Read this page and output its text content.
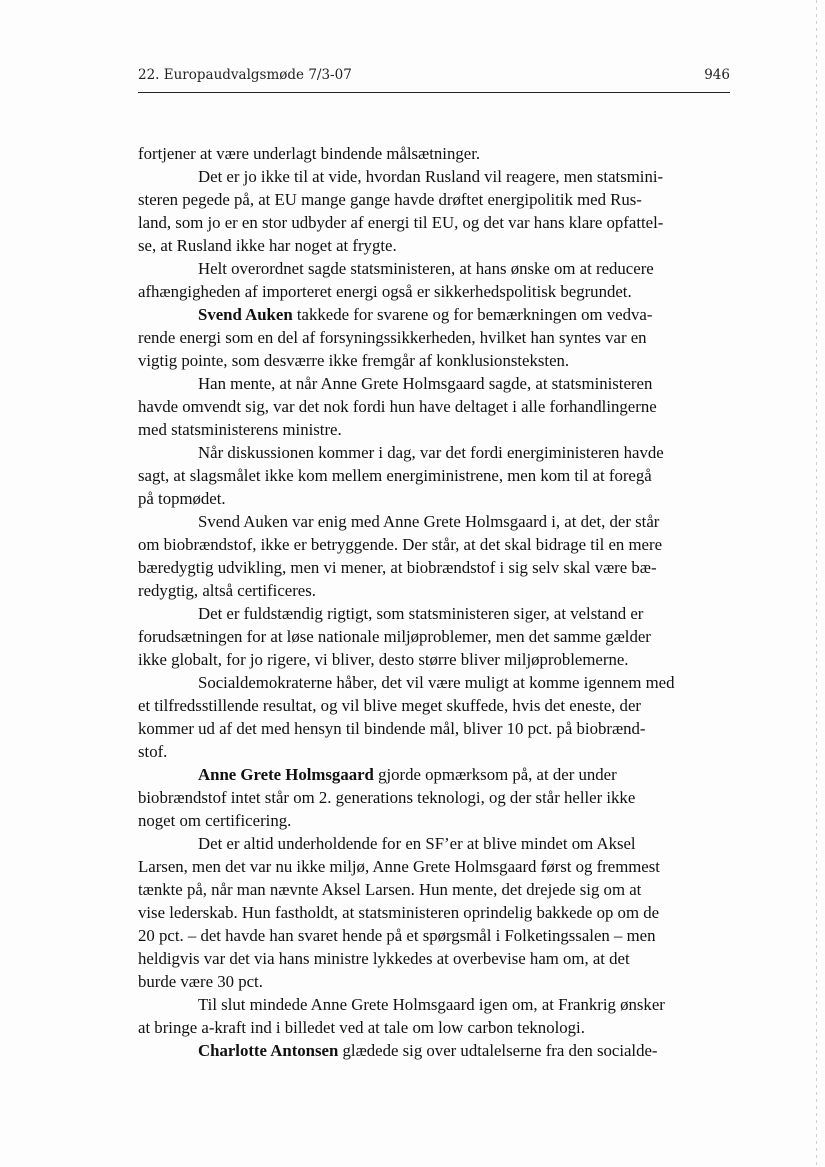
22. Europaudvalgsmøde 7/3-07	946
fortjener at være underlagt bindende målsætninger.
Det er jo ikke til at vide, hvordan Rusland vil reagere, men statsmini-
steren pegede på, at EU mange gange havde drøftet energipolitik med Rus-
land, som jo er en stor udbyder af energi til EU, og det var hans klare opfattel-
se, at Rusland ikke har noget at frygte.
Helt overordnet sagde statsministeren, at hans ønske om at reducere
afhængigheden af importeret energi også er sikkerhedspolitisk begrundet.
Svend Auken takkede for svarene og for bemærkningen om vedva-
rende energi som en del af forsyningssikkerheden, hvilket han syntes var en
vigtig pointe, som desværre ikke fremgår af konklusionsteksten.
Han mente, at når Anne Grete Holmsgaard sagde, at statsministeren
havde omvendt sig, var det nok fordi hun have deltaget i alle forhandlingerne
med statsministerens ministre.
Når diskussionen kommer i dag, var det fordi energiministeren havde
sagt, at slagsmålet ikke kom mellem energiministrene, men kom til at foregå
på topmødet.
Svend Auken var enig med Anne Grete Holmsgaard i, at det, der står
om biobrændstof, ikke er betryggende. Der står, at det skal bidrage til en mere
bæredygtig udvikling, men vi mener, at biobrændstof i sig selv skal være bæ-
redygtig, altså certificeres.
Det er fuldstændig rigtigt, som statsministeren siger, at velstand er
forudsætningen for at løse nationale miljøproblemer, men det samme gælder
ikke globalt, for jo rigere, vi bliver, desto større bliver miljøproblemerne.
Socialdemokraterne håber, det vil være muligt at komme igennem med
et tilfredsstillende resultat, og vil blive meget skuffede, hvis det eneste, der
kommer ud af det med hensyn til bindende mål, bliver 10 pct. på biobrænd-
stof.
Anne Grete Holmsgaard gjorde opmærksom på, at der under
biobrændstof intet står om 2. generations teknologi, og der står heller ikke
noget om certificering.
Det er altid underholdende for en SF’er at blive mindet om Aksel
Larsen, men det var nu ikke miljø, Anne Grete Holmsgaard først og fremmest
tænkte på, når man nævnte Aksel Larsen. Hun mente, det drejede sig om at
vise lederskab. Hun fastholdt, at statsministeren oprindelig bakkede op om de
20 pct. – det havde han svaret hende på et spørgsmål i Folketingssalen – men
heldigvis var det via hans ministre lykkedes at overbevise ham om, at det
burde være 30 pct.
Til slut mindede Anne Grete Holmsgaard igen om, at Frankrig ønsker
at bringe a-kraft ind i billedet ved at tale om low carbon teknologi.
Charlotte Antonsen glædede sig over udtalelserne fra den socialde-
